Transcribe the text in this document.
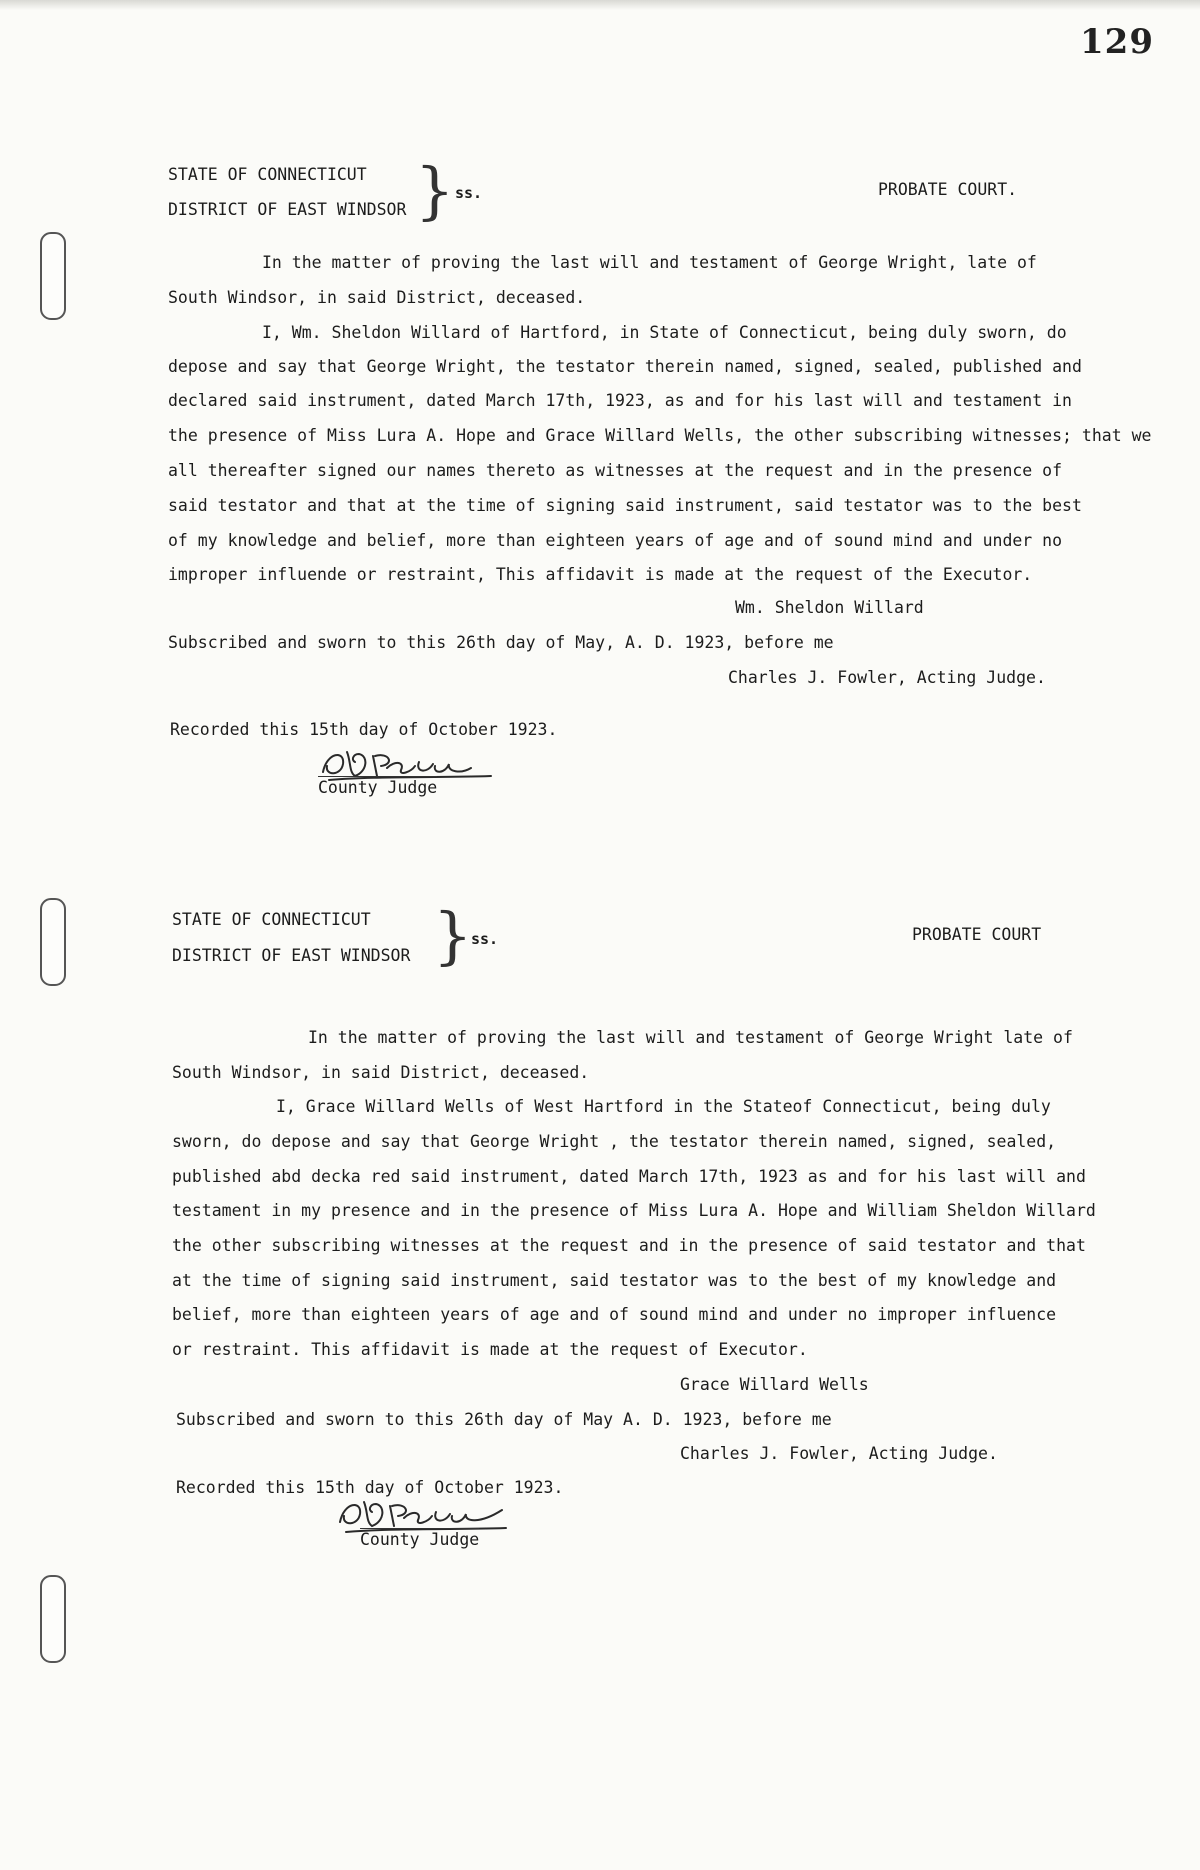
129
STATE OF CONNECTICUT
DISTRICT OF EAST WINDSOR } ss.	PROBATE COURT.
In the matter of proving the last will and testament of George Wright, late of
South Windsor, in said District, deceased.
I, Wm. Sheldon Willard of Hartford, in State of Connecticut, being duly sworn, do
depose and say that George Wright, the testator therein named, signed, sealed, published and
declared said instrument, dated March 17th, 1923, as and for his last will and testament in
the presence of Miss Lura A. Hope and Grace Willard Wells, the other subscribing witnesses; that we
all thereafter signed our names thereto as witnesses at the request and in the presence of
said testator and that at the time of signing said instrument, said testator was to the best
of my knowledge and belief, more than eighteen years of age and of sound mind and under no
improper influende or restraint, This affidavit is made at the request of the Executor.
Wm. Sheldon Willard
Subscribed and sworn to this 26th day of May, A. D. 1923, before me
Charles J. Fowler, Acting Judge.
Recorded this 15th day of October 1923.
County Judge
STATE OF CONNECTICUT
DISTRICT OF EAST WINDSOR }
ss.	PROBATE COURT
In the matter of proving the last will and testament of George Wright late of
South Windsor, in said District, deceased.
I, Grace Willard Wells of West Hartford in the Stateof Connecticut, being duly
sworn, do depose and say that George Wright , the testator therein named, signed, sealed,
published abd decka red said instrument, dated March 17th, 1923 as and for his last will and
testament in my presence and in the presence of Miss Lura A. Hope and William Sheldon Willard
the other subscribing witnesses at the request and in the presence of said testator and that
at the time of signing said instrument, said testator was to the best of my knowledge and
belief, more than eighteen years of age and of sound mind and under no improper influence
or restraint. This affidavit is made at the request of Executor.
Grace Willard Wells
Subscribed and sworn to this 26th day of May A. D. 1923, before me
Charles J. Fowler, Acting Judge.
Recorded this 15th day of October 1923.
County Judge
